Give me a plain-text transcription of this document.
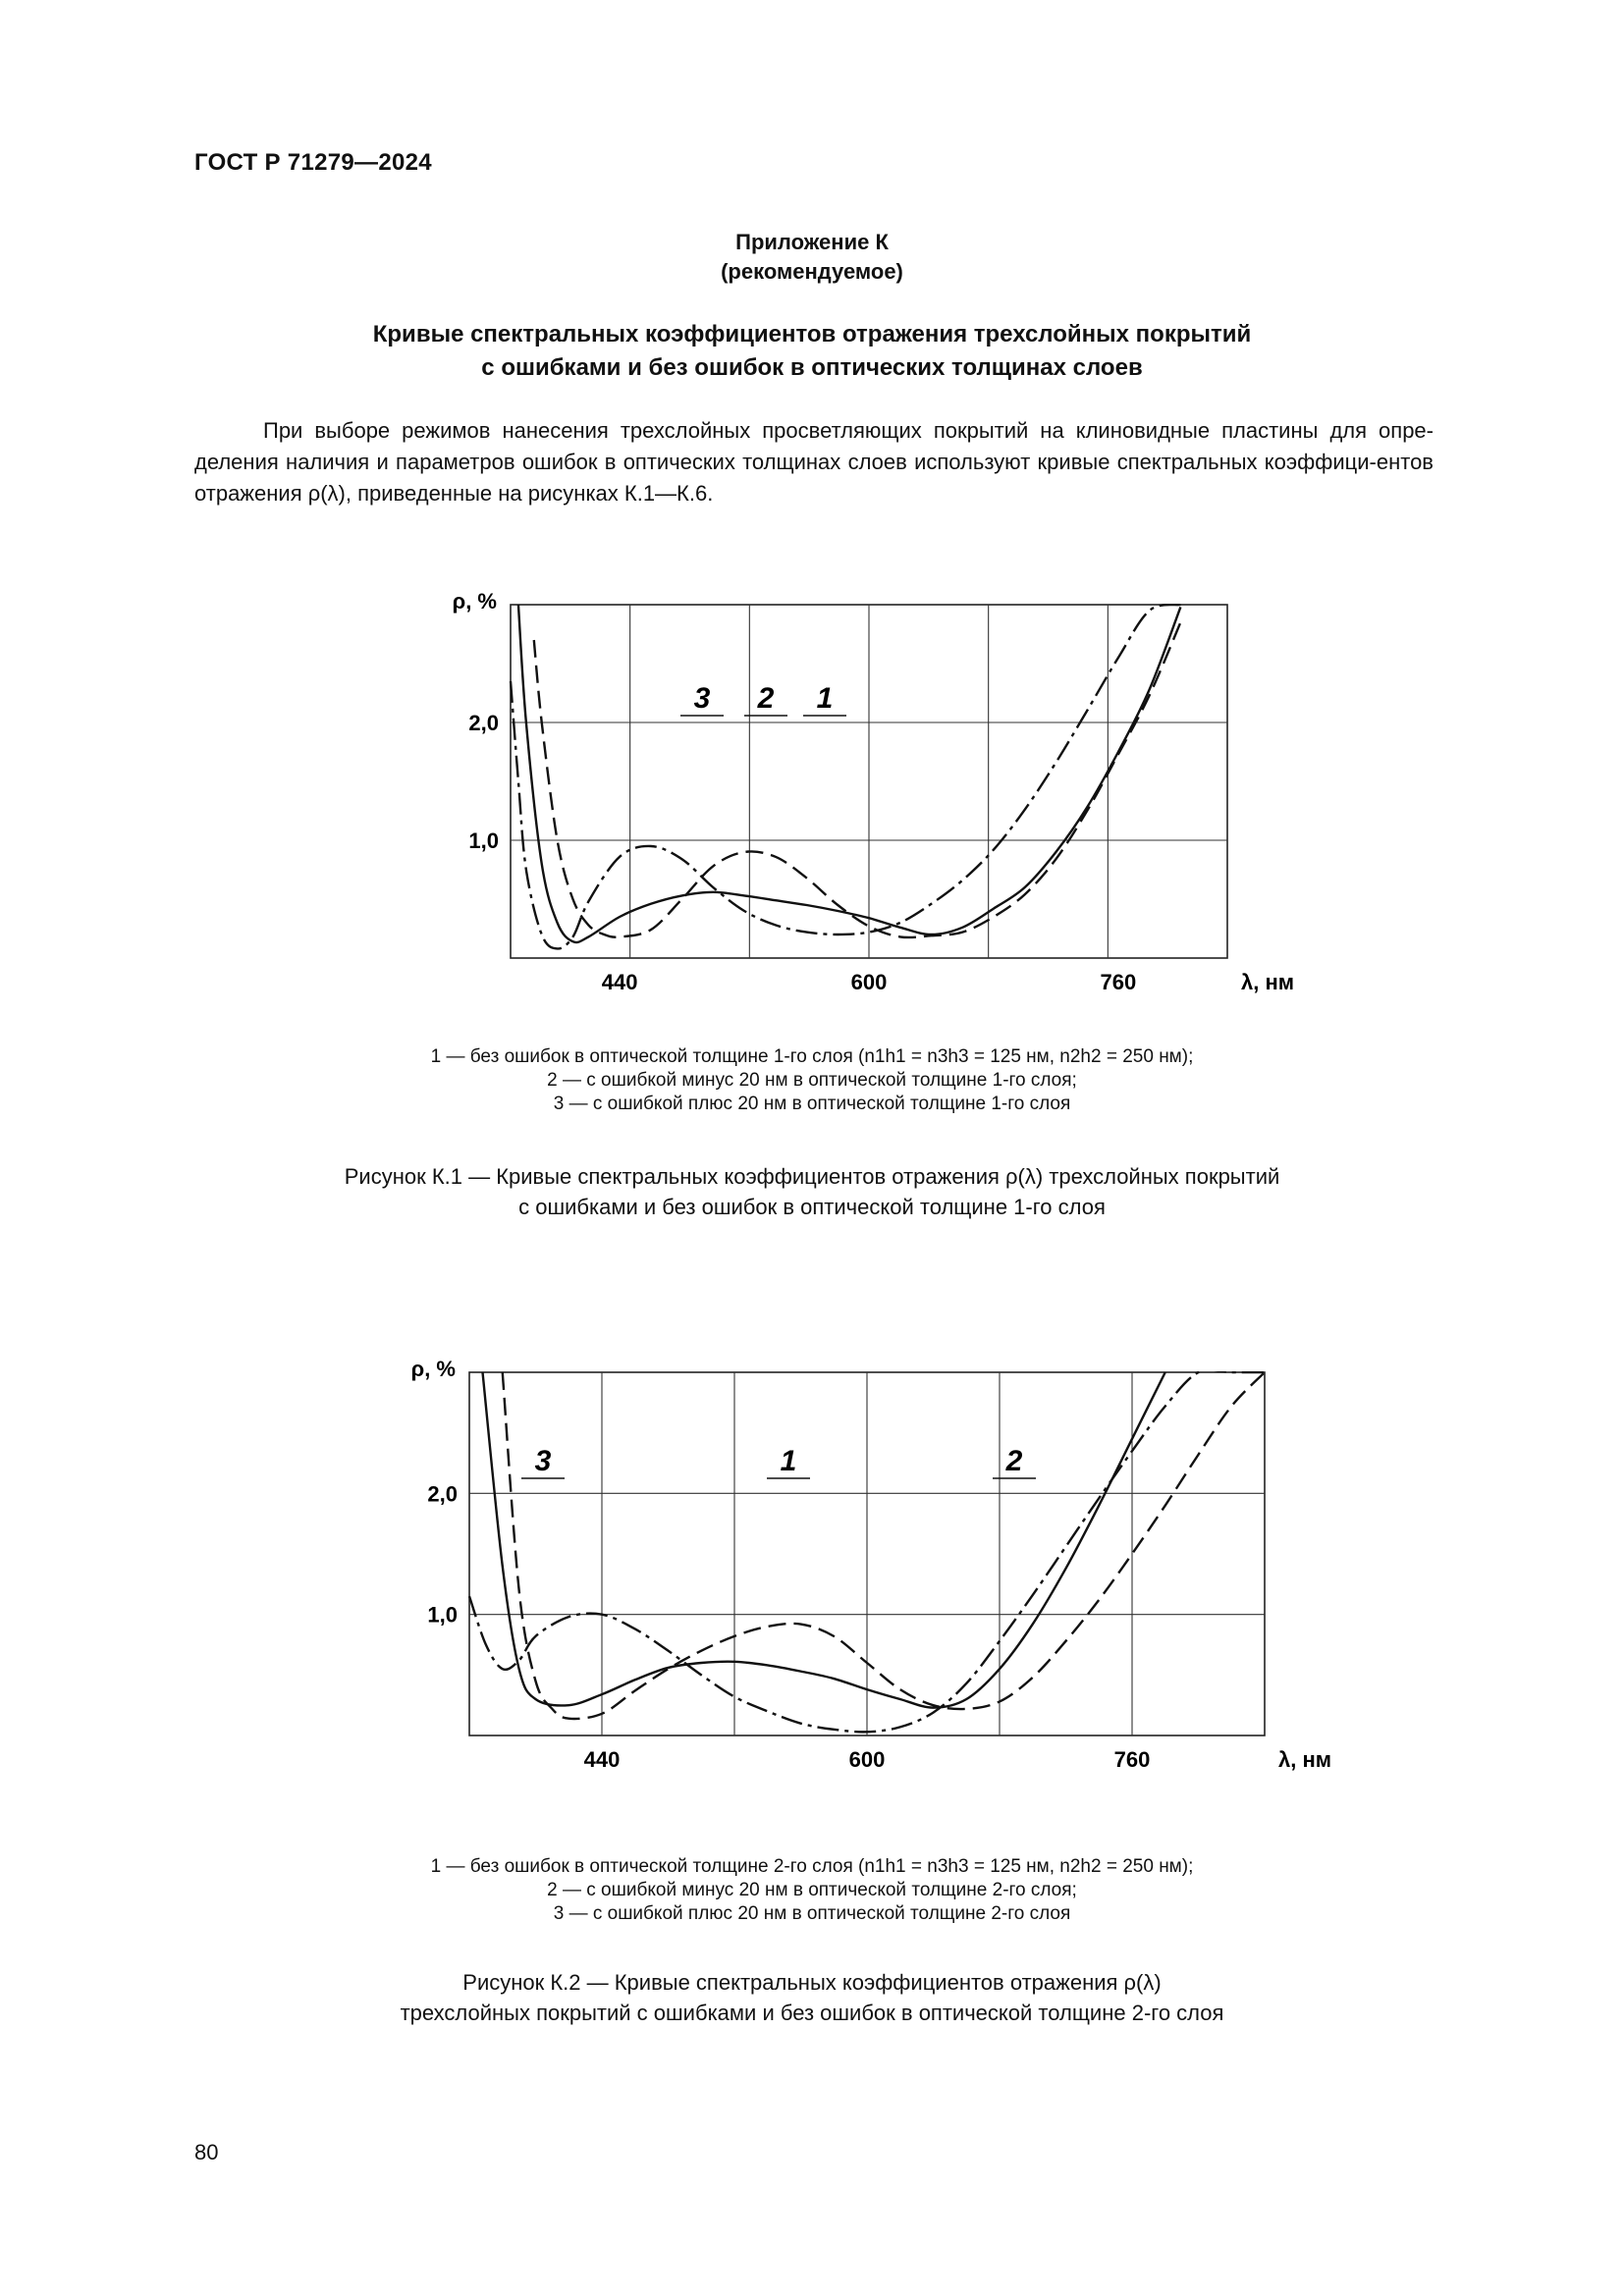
ГОСТ Р 71279—2024
Приложение К
(рекомендуемое)
Кривые спектральных коэффициентов отражения трехслойных покрытий
с ошибками и без ошибок в оптических толщинах слоев

При выборе режимов нанесения трехслойных просветляющих покрытий на клиновидные пластины для опре-деления наличия и параметров ошибок в оптических толщинах слоев используют кривые спектральных коэффици-ентов отражения ρ(λ), приведенные на рисунках К.1—К.6.

ρ, %
λ, нм
440	600	760
1,0
2,0
1
2
3
1 — без ошибок в оптической толщине 1-го слоя (n1h1 = n3h3 = 125 нм, n2h2 = 250 нм);
2 — с ошибкой минус 20 нм в оптической толщине 1-го слоя;
3 — с ошибкой плюс 20 нм в оптической толщине 1-го слоя
Рисунок К.1 — Кривые спектральных коэффициентов отражения ρ(λ) трехслойных покрытий
с ошибками и без ошибок в оптической толщине 1-го слоя
ρ, %
λ, нм
440	600	760
1,0
2,0
1	2
3
1 — без ошибок в оптической толщине 2-го слоя (n1h1 = n3h3 = 125 нм, n2h2 = 250 нм);
2 — с ошибкой минус 20 нм в оптической толщине 2-го слоя;
3 — с ошибкой плюс 20 нм в оптической толщине 2-го слоя
Рисунок К.2 — Кривые спектральных коэффициентов отражения ρ(λ)
трехслойных покрытий с ошибками и без ошибок в оптической толщине 2-го слоя
80
